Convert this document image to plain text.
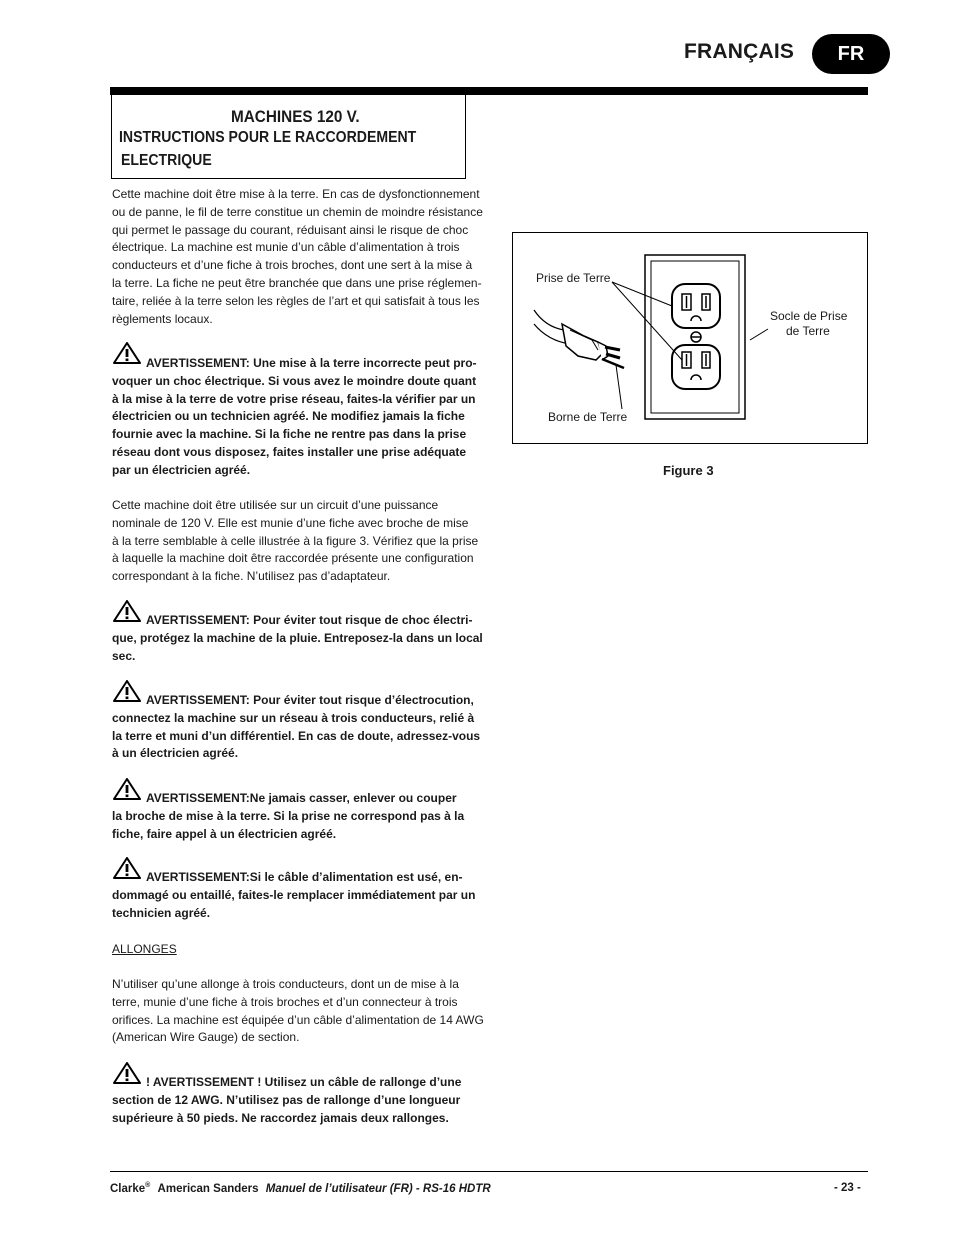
FRANÇAIS	FR
MACHINES 120 V.
INSTRUCTIONS POUR LE RACCORDEMENT
ELECTRIQUE
Cette machine doit être mise à la terre. En cas de dysfonctionnement
ou de panne, le fil de terre constitue un chemin de moindre résistance
qui permet le passage du courant, réduisant ainsi le risque de choc
électrique. La machine est munie d’un câble d’alimentation à trois
conducteurs et d’une fiche à trois broches, dont une sert à la mise à
la terre. La fiche ne peut être branchée que dans une prise réglemen-
taire, reliée à la terre selon les règles de l’art et qui satisfait à tous les
règlements locaux.
AVERTISSEMENT: Une mise à la terre incorrecte peut pro-
voquer un choc électrique. Si vous avez le moindre doute quant
à la mise à la terre de votre prise réseau, faites-la vérifier par un
électricien ou un technicien agréé. Ne modifiez jamais la fiche
fournie avec la machine. Si la fiche ne rentre pas dans la prise
réseau dont vous disposez, faites installer une prise adéquate
par un électricien agréé.
Cette machine doit être utilisée sur un circuit d’une puissance
nominale de 120 V. Elle est munie d’une fiche avec broche de mise
à la terre semblable à celle illustrée à la figure 3. Vérifiez que la prise
à laquelle la machine doit être raccordée présente une configuration
correspondant à la fiche. N’utilisez pas d’adaptateur.
AVERTISSEMENT: Pour éviter tout risque de choc électri-
que, protégez la machine de la pluie. Entreposez-la dans un local
sec.
AVERTISSEMENT: Pour éviter tout risque d’électrocution,
connectez la machine sur un réseau à trois conducteurs, relié à
la terre et muni d’un différentiel. En cas de doute, adressez-vous
à un électricien agréé.
AVERTISSEMENT:Ne jamais casser, enlever ou couper
la broche de mise à la terre. Si la prise ne correspond pas à la
fiche, faire appel à un électricien agréé.
AVERTISSEMENT:Si le câble d’alimentation est usé, en-
dommagé ou entaillé, faites-le remplacer immédiatement par un
technicien agréé.
ALLONGES
N’utiliser qu’une allonge à trois conducteurs, dont un de mise à la
terre, munie d’une fiche à trois broches et d’un connecteur à trois
orifices. La machine est équipée d’un câble d’alimentation de 14 AWG
(American Wire Gauge) de section.
! AVERTISSEMENT ! Utilisez un câble de rallonge d’une
section de 12 AWG. N’utilisez pas de rallonge d’une longueur
supérieure à 50 pieds. Ne raccordez jamais deux rallonges.
Prise de Terre
Socle de Prise
de Terre
Borne de Terre
Figure 3
Clarke® American Sanders Manuel de l’utilisateur (FR) - RS-16 HDTR	- 23 -
